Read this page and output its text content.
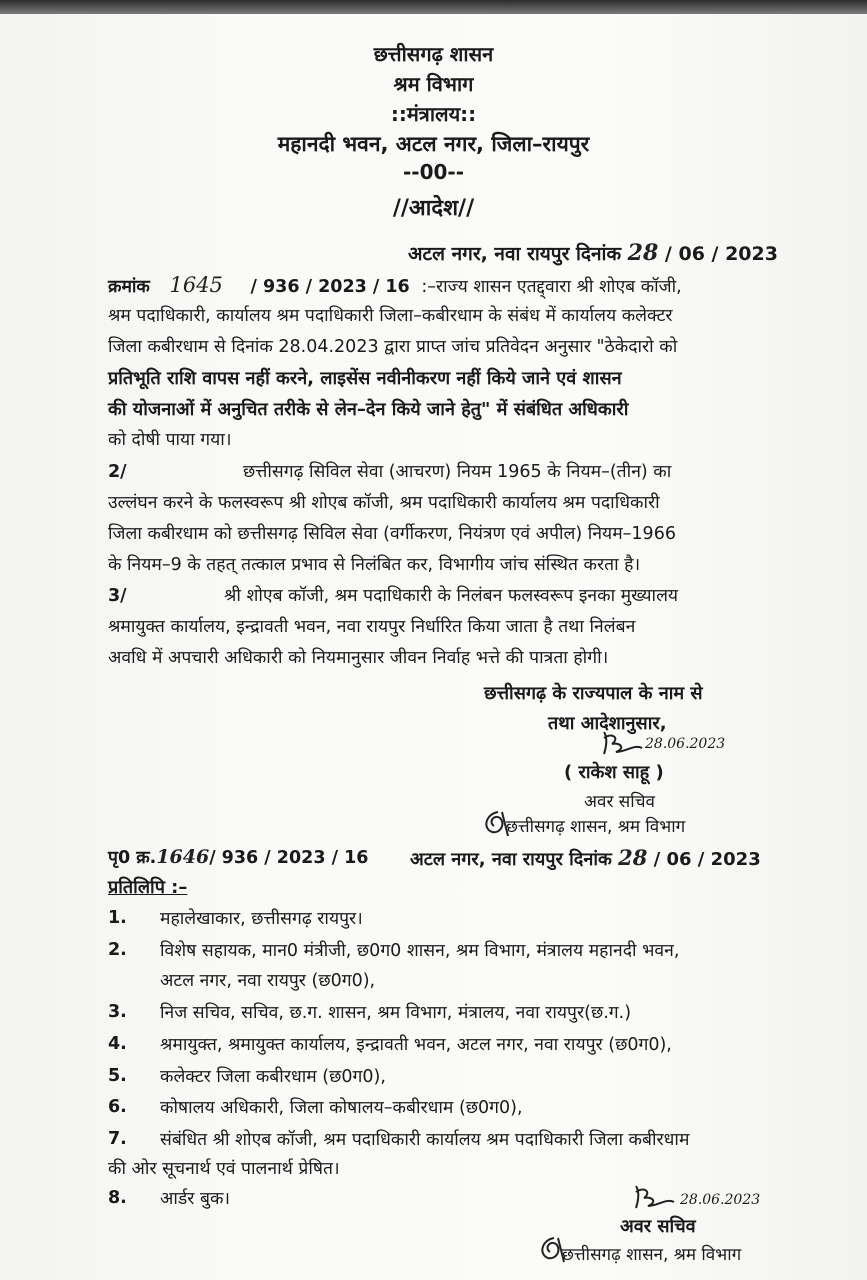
छत्तीसगढ़ शासन
श्रम विभाग
::मंत्रालय::
महानदी भवन, अटल नगर, जिला–रायपुर
--00--
//आदेश//
अटल नगर, नवा रायपुर दिनांक 28 / 06 / 2023
क्रमांक 1645 / 936 / 2023 / 16 :–राज्य शासन एतद्द्वारा श्री शोएब कॉजी,
श्रम पदाधिकारी, कार्यालय श्रम पदाधिकारी जिला–कबीरधाम के संबंध में कार्यालय कलेक्टर
जिला कबीरधाम से दिनांक 28.04.2023 द्वारा प्राप्त जांच प्रतिवेदन अनुसार "ठेकेदारो को
प्रतिभूति राशि वापस नहीं करने, लाइसेंस नवीनीकरण नहीं किये जाने एवं शासन
की योजनाओं में अनुचित तरीके से लेन–देन किये जाने हेतु" में संबंधित अधिकारी
को दोषी पाया गया।
2/	छत्तीसगढ़ सिविल सेवा (आचरण) नियम 1965 के नियम–(तीन) का
उल्लंघन करने के फलस्वरूप श्री शोएब कॉजी, श्रम पदाधिकारी कार्यालय श्रम पदाधिकारी
जिला कबीरधाम को छत्तीसगढ़ सिविल सेवा (वर्गीकरण, नियंत्रण एवं अपील) नियम–1966
के नियम–9 के तहत् तत्काल प्रभाव से निलंबित कर, विभागीय जांच संस्थित करता है।
3/	श्री शोएब कॉजी, श्रम पदाधिकारी के निलंबन फलस्वरूप इनका मुख्यालय
श्रमायुक्त कार्यालय, इन्द्रावती भवन, नवा रायपुर निर्धारित किया जाता है तथा निलंबन
अवधि में अपचारी अधिकारी को नियमानुसार जीवन निर्वाह भत्ते की पात्रता होगी।
छत्तीसगढ़ के राज्यपाल के नाम से
तथा आदेशानुसार,
28.06.2023
( राकेश साहू )
अवर सचिव
छत्तीसगढ़ शासन, श्रम विभाग
पृ0 क्र.1646/ 936 / 2023 / 16 अटल नगर, नवा रायपुर दिनांक 28 / 06 / 2023
प्रतिलिपि :–
1. महालेखाकार, छत्तीसगढ़ रायपुर।
2. विशेष सहायक, मान0 मंत्रीजी, छ0ग0 शासन, श्रम विभाग, मंत्रालय महानदी भवन,
अटल नगर, नवा रायपुर (छ0ग0),
3. निज सचिव, सचिव, छ.ग. शासन, श्रम विभाग, मंत्रालय, नवा रायपुर(छ.ग.)
4. श्रमायुक्त, श्रमायुक्त कार्यालय, इन्द्रावती भवन, अटल नगर, नवा रायपुर (छ0ग0),
5. कलेक्टर जिला कबीरधाम (छ0ग0),
6. कोषालय अधिकारी, जिला कोषालय–कबीरधाम (छ0ग0),
7. संबंधित श्री शोएब कॉजी, श्रम पदाधिकारी कार्यालय श्रम पदाधिकारी जिला कबीरधाम
की ओर सूचनार्थ एवं पालनार्थ प्रेषित।
8. आर्डर बुक।	28.06.2023
अवर सचिव
छत्तीसगढ़ शासन, श्रम विभाग
